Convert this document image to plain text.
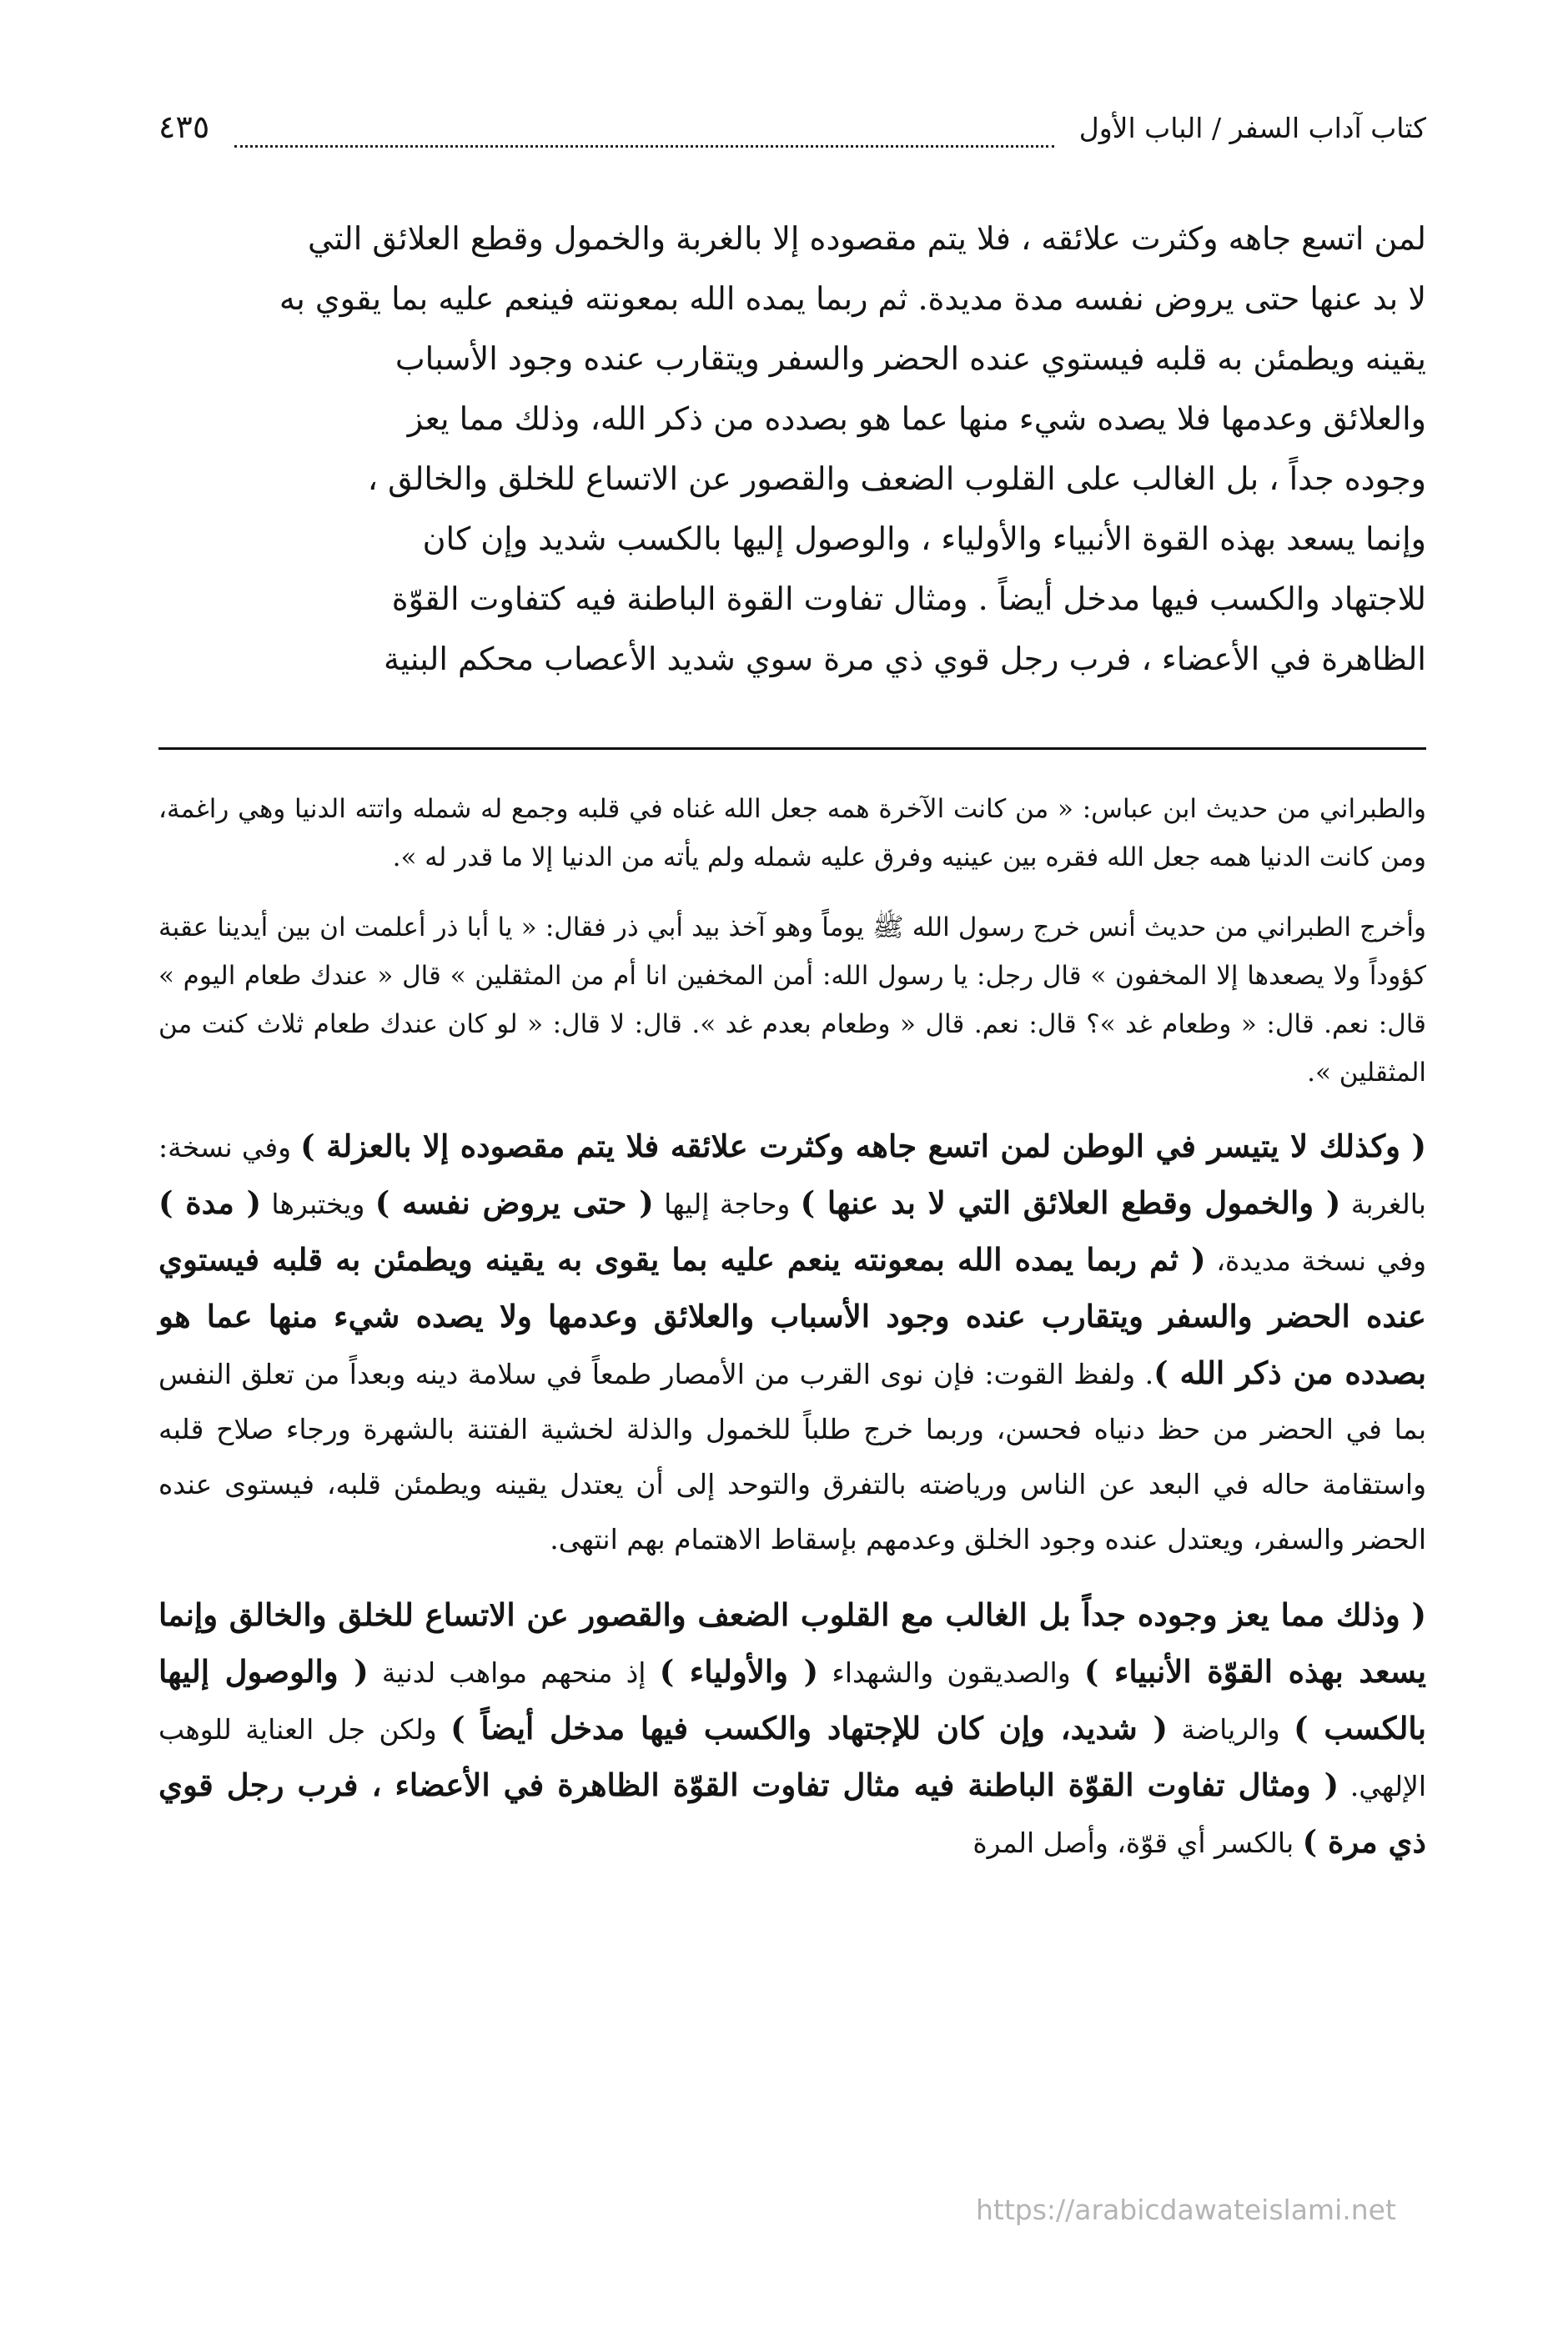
كتاب آداب السفر / الباب الأول
٤٣٥

لمن اتسع جاهه وكثرت علائقه ، فلا يتم مقصوده إلا بالغربة والخمول وقطع العلائق التي

لا بد عنها حتى يروض نفسه مدة مديدة. ثم ربما يمده الله بمعونته فينعم عليه بما يقوي به

يقينه ويطمئن به قلبه فيستوي عنده الحضر والسفر ويتقارب عنده وجود الأسباب

والعلائق وعدمها فلا يصده شيء منها عما هو بصدده من ذكر الله، وذلك مما يعز

وجوده جداً ، بل الغالب على القلوب الضعف والقصور عن الاتساع للخلق والخالق ،

وإنما يسعد بهذه القوة الأنبياء والأولياء ، والوصول إليها بالكسب شديد وإن كان

للاجتهاد والكسب فيها مدخل أيضاً . ومثال تفاوت القوة الباطنة فيه كتفاوت القوّة

الظاهرة في الأعضاء ، فرب رجل قوي ذي مرة سوي شديد الأعصاب محكم البنية

والطبراني من حديث ابن عباس: « من كانت الآخرة همه جعل الله غناه في قلبه وجمع له شمله واتته الدنيا وهي راغمة، ومن كانت الدنيا همه جعل الله فقره بين عينيه وفرق عليه شمله ولم يأته من الدنيا إلا ما قدر له ».

وأخرج الطبراني من حديث أنس خرج رسول الله ﷺ يوماً وهو آخذ بيد أبي ذر فقال: « يا أبا ذر أعلمت ان بين أيدينا عقبة كؤوداً ولا يصعدها إلا المخفون » قال رجل: يا رسول الله: أمن المخفين انا أم من المثقلين » قال « عندك طعام اليوم » قال: نعم. قال: « وطعام غد »؟ قال: نعم. قال « وطعام بعدم غد ». قال: لا قال: « لو كان عندك طعام ثلاث كنت من المثقلين ».

( وكذلك لا يتيسر في الوطن لمن اتسع جاهه وكثرت علائقه فلا يتم مقصوده إلا بالعزلة ) وفي نسخة: بالغربة ( والخمول وقطع العلائق التي لا بد عنها ) وحاجة إليها ( حتى يروض نفسه ) ويختبرها ( مدة ) وفي نسخة مديدة، ( ثم ربما يمده الله بمعونته ينعم عليه بما يقوى به يقينه ويطمئن به قلبه فيستوي عنده الحضر والسفر ويتقارب عنده وجود الأسباب والعلائق وعدمها ولا يصده شيء منها عما هو بصدده من ذكر الله ). ولفظ القوت: فإن نوى القرب من الأمصار طمعاً في سلامة دينه وبعداً من تعلق النفس بما في الحضر من حظ دنياه فحسن، وربما خرج طلباً للخمول والذلة لخشية الفتنة بالشهرة ورجاء صلاح قلبه واستقامة حاله في البعد عن الناس ورياضته بالتفرق والتوحد إلى أن يعتدل يقينه ويطمئن قلبه، فيستوى عنده الحضر والسفر، ويعتدل عنده وجود الخلق وعدمهم بإسقاط الاهتمام بهم انتهى.

( وذلك مما يعز وجوده جداً بل الغالب مع القلوب الضعف والقصور عن الاتساع للخلق والخالق وإنما يسعد بهذه القوّة الأنبياء ) والصديقون والشهداء ( والأولياء ) إذ منحهم مواهب لدنية ( والوصول إليها بالكسب ) والرياضة ( شديد، وإن كان للإجتهاد والكسب فيها مدخل أيضاً ) ولكن جل العناية للوهب الإلهي. ( ومثال تفاوت القوّة الباطنة فيه مثال تفاوت القوّة الظاهرة في الأعضاء ، فرب رجل قوي ذي مرة ) بالكسر أي قوّة، وأصل المرة

https://arabicdawateislami.net
